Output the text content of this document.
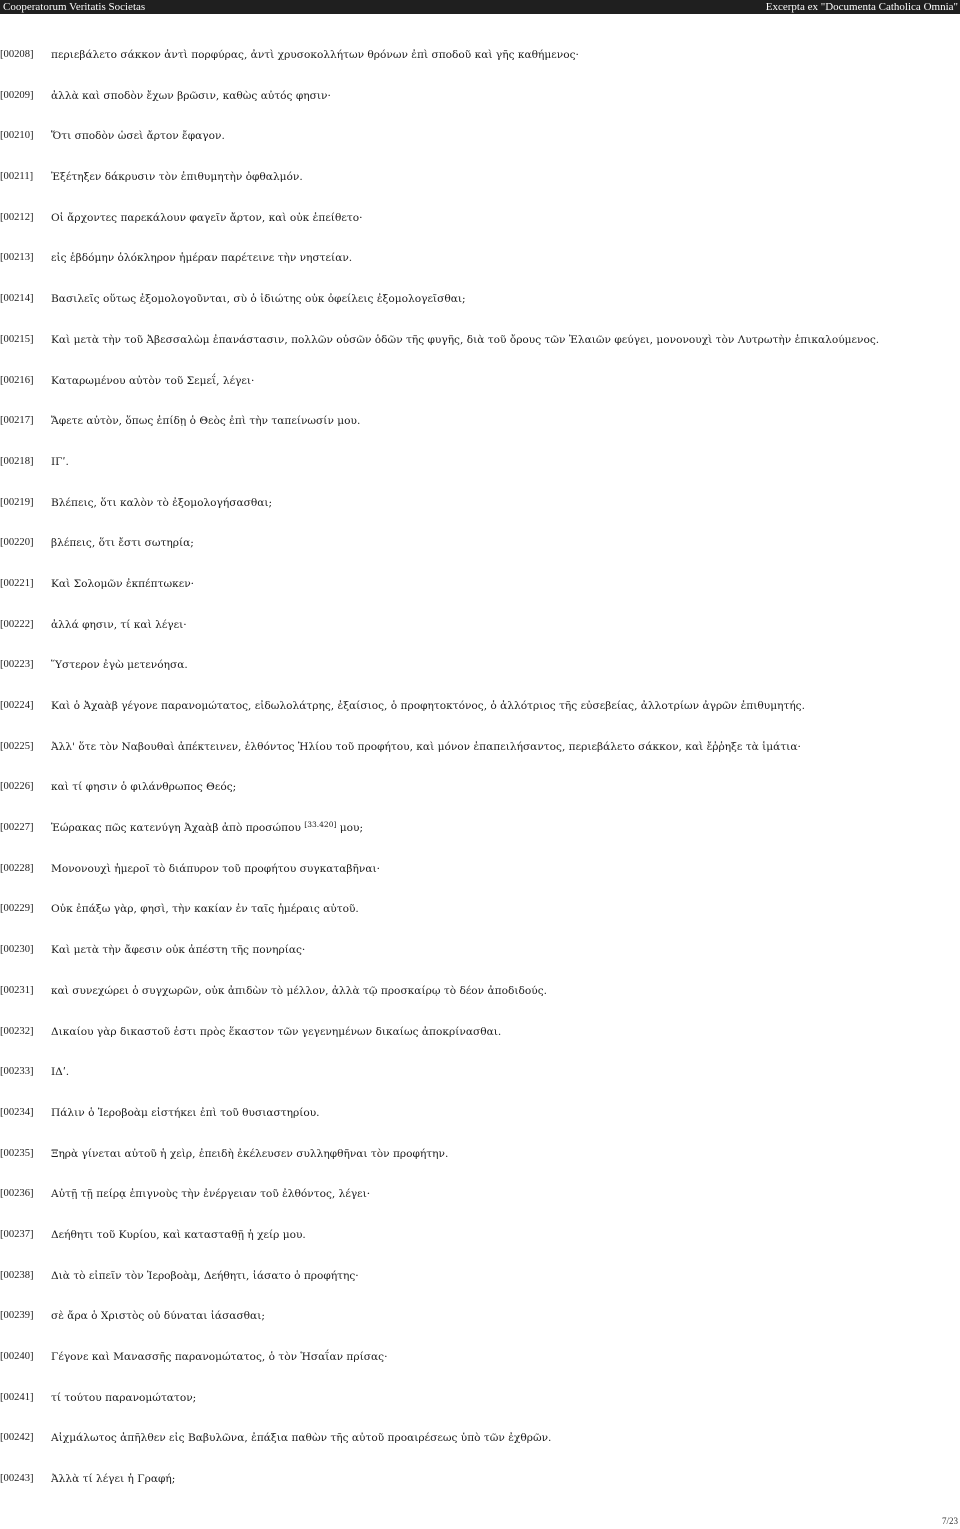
Cooperatorum Veritatis Societas	Excerpta ex "Documenta Catholica Omnia"
[00208] περιεβάλετο σάκκον ἀντὶ πορφύρας, ἀντὶ χρυσοκολλήτων θρόνων ἐπὶ σποδοῦ καὶ γῆς καθήμενος·
[00209] ἀλλὰ καὶ σποδὸν ἔχων βρῶσιν, καθὼς αὐτός φησιν·
[00210] Ὅτι σποδὸν ὡσεὶ ἄρτον ἔφαγον.
[00211] Ἐξέτηξεν δάκρυσιν τὸν ἐπιθυμητὴν ὀφθαλμόν.
[00212] Οἱ ἄρχοντες παρεκάλουν φαγεῖν ἄρτον, καὶ οὐκ ἐπείθετο·
[00213] εἰς ἑβδόμην ὁλόκληρον ἡμέραν παρέτεινε τὴν νηστείαν.
[00214] Βασιλεῖς οὕτως ἐξομολογοῦνται, σὺ ὁ ἰδιώτης οὐκ ὀφείλεις ἐξομολογεῖσθαι;
[00215] Καὶ μετὰ τὴν τοῦ Ἀβεσσαλὼμ ἐπανάστασιν, πολλῶν οὐσῶν ὁδῶν τῆς φυγῆς, διὰ τοῦ ὄρους τῶν Ἐλαιῶν φεύγει, μονονουχὶ τὸν Λυτρωτὴν ἐπικαλούμενος.
[00216] Καταρωμένου αὐτὸν τοῦ Σεμεΐ, λέγει·
[00217] Ἄφετε αὐτὸν, ὅπως ἐπίδῃ ὁ Θεὸς ἐπὶ τὴν ταπείνωσίν μου.
[00218] ΙΓʹ.
[00219] Βλέπεις, ὅτι καλὸν τὸ ἐξομολογήσασθαι;
[00220] βλέπεις, ὅτι ἔστι σωτηρία;
[00221] Καὶ Σολομῶν ἐκπέπτωκεν·
[00222] ἀλλά φησιν, τί καὶ λέγει·
[00223] Ὕστερον ἐγὼ μετενόησα.
[00224] Καὶ ὁ Ἀχαὰβ γέγονε παρανομώτατος, εἰδωλολάτρης, ἐξαίσιος, ὁ προφητοκτόνος, ὁ ἀλλότριος τῆς εὐσεβείας, ἀλλοτρίων ἀγρῶν ἐπιθυμητής.
[00225] Ἀλλ' ὅτε τὸν Ναβουθαὶ ἀπέκτεινεν, ἐλθόντος Ἠλίου τοῦ προφήτου, καὶ μόνον ἐπαπειλήσαντος, περιεβάλετο σάκκον, καὶ ἔῤῥηξε τὰ ἱμάτια·
[00226] καὶ τί φησιν ὁ φιλάνθρωπος Θεός;
[00227] Ἑώρακας πῶς κατενύγη Ἀχαὰβ ἀπὸ προσώπου [33.420] μου;
[00228] Μονονουχὶ ἡμεροῖ τὸ διάπυρον τοῦ προφήτου συγκαταβῆναι·
[00229] Οὐκ ἐπάξω γὰρ, φησὶ, τὴν κακίαν ἐν ταῖς ἡμέραις αὐτοῦ.
[00230] Καὶ μετὰ τὴν ἄφεσιν οὐκ ἀπέστη τῆς πονηρίας·
[00231] καὶ συνεχώρει ὁ συγχωρῶν, οὐκ ἀπιδὼν τὸ μέλλον, ἀλλὰ τῷ προσκαίρῳ τὸ δέον ἀποδιδούς.
[00232] Δικαίου γὰρ δικαστοῦ ἐστι πρὸς ἕκαστον τῶν γεγενημένων δικαίως ἀποκρίνασθαι.
[00233] ΙΔʹ.
[00234] Πάλιν ὁ Ἱεροβοὰμ εἱστήκει ἐπὶ τοῦ θυσιαστηρίου.
[00235] Ξηρὰ γίνεται αὐτοῦ ἡ χεὶρ, ἐπειδὴ ἐκέλευσεν συλληφθῆναι τὸν προφήτην.
[00236] Αὐτῇ τῇ πείρᾳ ἐπιγνοὺς τὴν ἐνέργειαν τοῦ ἐλθόντος, λέγει·
[00237] Δεήθητι τοῦ Κυρίου, καὶ κατασταθῇ ἡ χείρ μου.
[00238] Διὰ τὸ εἰπεῖν τὸν Ἱεροβοὰμ, Δεήθητι, ἰάσατο ὁ προφήτης·
[00239] σὲ ἄρα ὁ Χριστὸς οὐ δύναται ἰάσασθαι;
[00240] Γέγονε καὶ Μανασσῆς παρανομώτατος, ὁ τὸν Ἡσαΐαν πρίσας·
[00241] τί τούτου παρανομώτατον;
[00242] Αἰχμάλωτος ἀπῆλθεν εἰς Βαβυλῶνα, ἐπάξια παθὼν τῆς αὐτοῦ προαιρέσεως ὑπὸ τῶν ἐχθρῶν.
[00243] Ἀλλὰ τί λέγει ἡ Γραφή;
7/23
